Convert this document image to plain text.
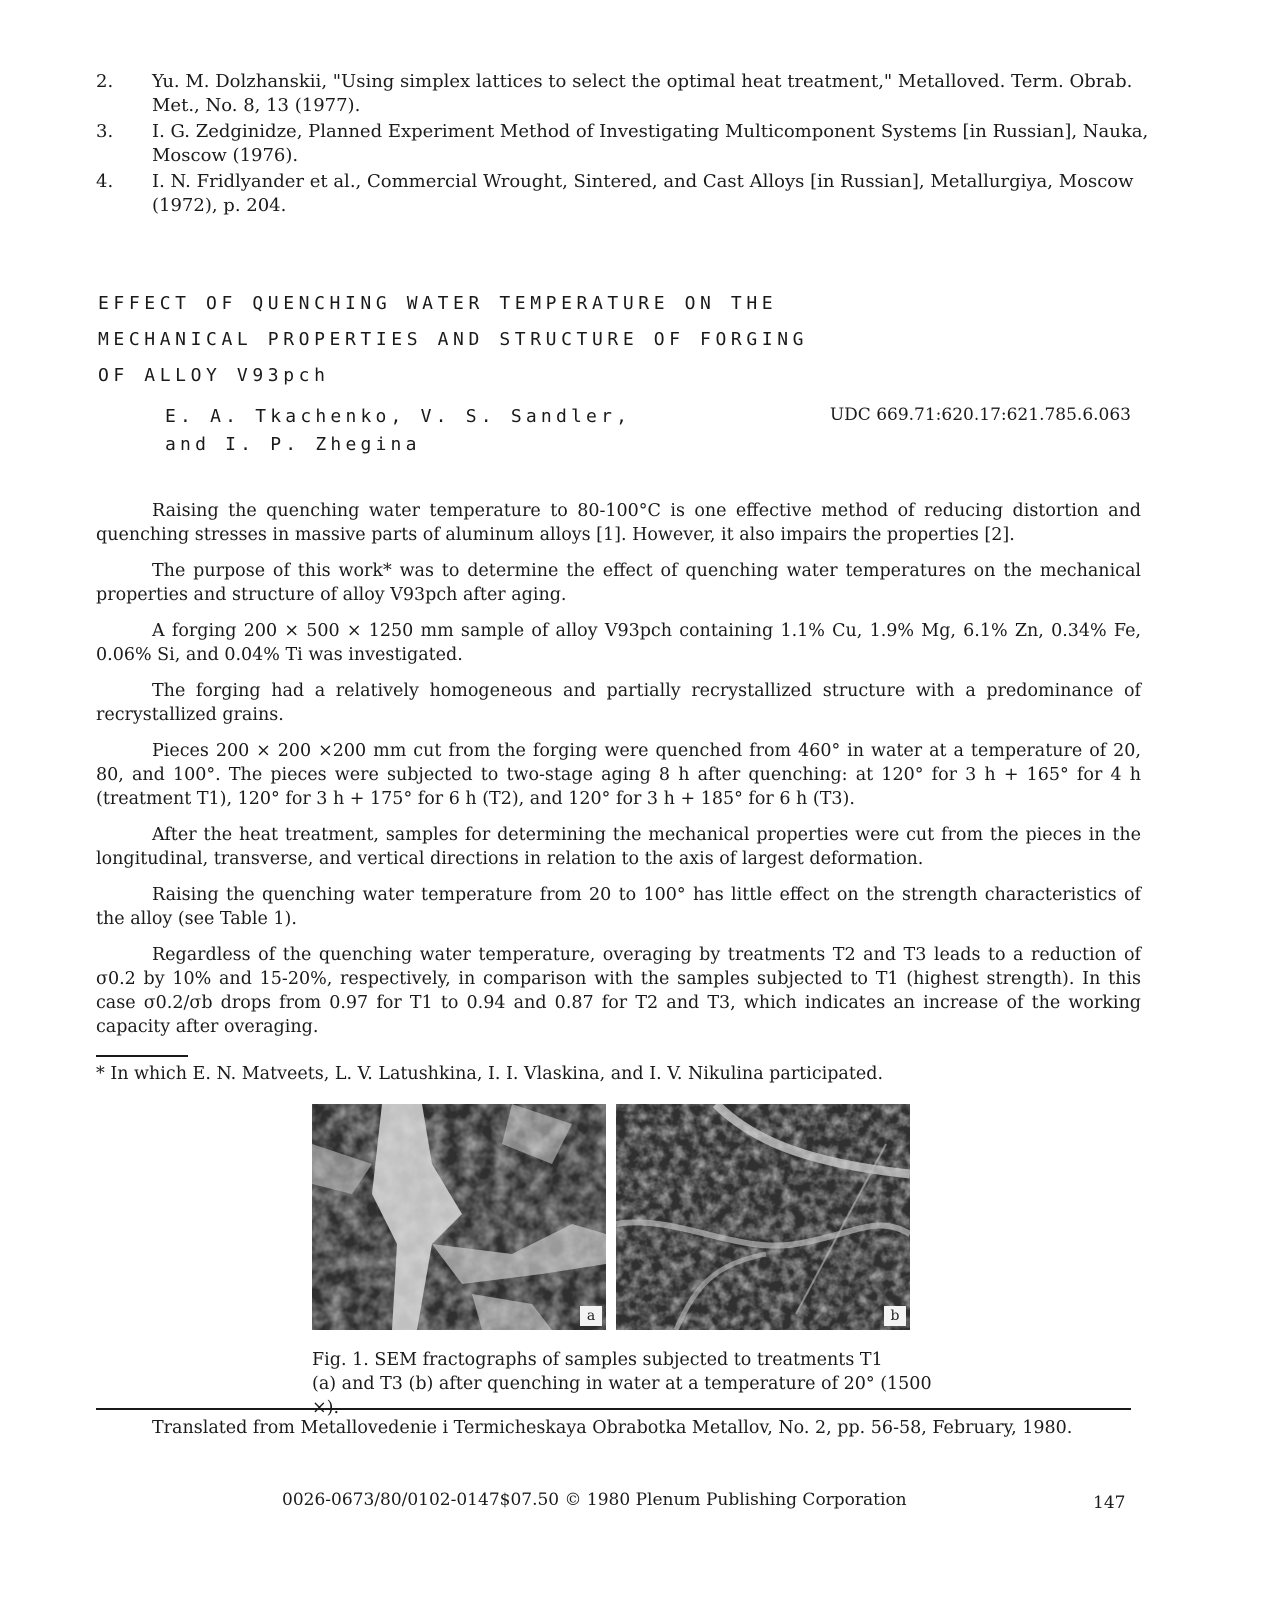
2.	Yu. M. Dolzhanskii, "Using simplex lattices to select the optimal heat treatment," Metalloved. Term. Obrab. Met., No. 8, 13 (1977).
3.	I. G. Zedginidze, Planned Experiment Method of Investigating Multicomponent Systems [in Russian], Nauka, Moscow (1976).
4.	I. N. Fridlyander et al., Commercial Wrought, Sintered, and Cast Alloys [in Russian], Metallurgiya, Moscow (1972), p. 204.
EFFECT OF QUENCHING WATER TEMPERATURE ON THE
MECHANICAL PROPERTIES AND STRUCTURE OF FORGING
OF ALLOY V93pch
E. A. Tkachenko, V. S. Sandler,
and I. P. Zhegina
UDC 669.71:620.17:621.785.6.063

Raising the quenching water temperature to 80-100°C is one effective method of reducing distortion and quenching stresses in massive parts of aluminum alloys [1]. However, it also impairs the properties [2].

The purpose of this work* was to determine the effect of quenching water temperatures on the mechanical properties and structure of alloy V93pch after aging.

A forging 200 × 500 × 1250 mm sample of alloy V93pch containing 1.1% Cu, 1.9% Mg, 6.1% Zn, 0.34% Fe, 0.06% Si, and 0.04% Ti was investigated.

The forging had a relatively homogeneous and partially recrystallized structure with a predominance of recrystallized grains.

Pieces 200 × 200 ×200 mm cut from the forging were quenched from 460° in water at a temperature of 20, 80, and 100°. The pieces were subjected to two-stage aging 8 h after quenching: at 120° for 3 h + 165° for 4 h (treatment T1), 120° for 3 h + 175° for 6 h (T2), and 120° for 3 h + 185° for 6 h (T3).

After the heat treatment, samples for determining the mechanical properties were cut from the pieces in the longitudinal, transverse, and vertical directions in relation to the axis of largest deformation.

Raising the quenching water temperature from 20 to 100° has little effect on the strength characteristics of the alloy (see Table 1).

Regardless of the quenching water temperature, overaging by treatments T2 and T3 leads to a reduction of σ0.2 by 10% and 15-20%, respectively, in comparison with the samples subjected to T1 (highest strength). In this case σ0.2/σb drops from 0.97 for T1 to 0.94 and 0.87 for T2 and T3, which indicates an increase of the working capacity after overaging.

* In which E. N. Matveets, L. V. Latushkina, I. I. Vlaskina, and I. V. Nikulina participated.
a	b
Fig. 1. SEM fractographs of samples subjected to treatments T1
(a) and T3 (b) after quenching in water at a temperature of 20° (1500 ×).
Translated from Metallovedenie i Termicheskaya Obrabotka Metallov, No. 2, pp. 56-58, February, 1980.
0026-0673/80/0102-0147$07.50 © 1980 Plenum Publishing Corporation	147
